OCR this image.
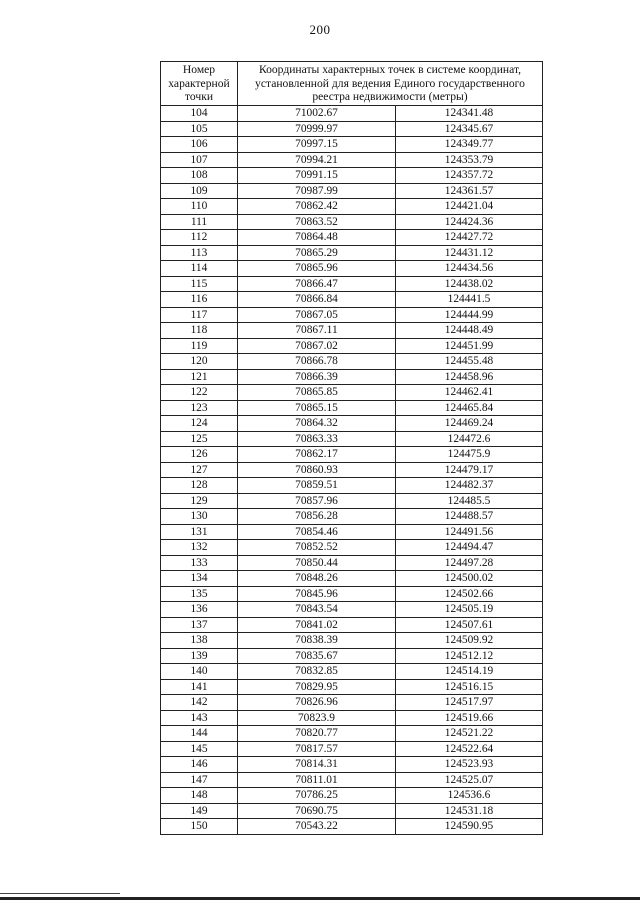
200
Номер характерной точки	Координаты характерных точек в системе координат, установленной для ведения Единого государственного реестра недвижимости (метры)	
104	71002.67	124341.48
105	70999.97	124345.67
106	70997.15	124349.77
107	70994.21	124353.79
108	70991.15	124357.72
109	70987.99	124361.57
110	70862.42	124421.04
111	70863.52	124424.36
112	70864.48	124427.72
113	70865.29	124431.12
114	70865.96	124434.56
115	70866.47	124438.02
116	70866.84	124441.5
117	70867.05	124444.99
118	70867.11	124448.49
119	70867.02	124451.99
120	70866.78	124455.48
121	70866.39	124458.96
122	70865.85	124462.41
123	70865.15	124465.84
124	70864.32	124469.24
125	70863.33	124472.6
126	70862.17	124475.9
127	70860.93	124479.17
128	70859.51	124482.37
129	70857.96	124485.5
130	70856.28	124488.57
131	70854.46	124491.56
132	70852.52	124494.47
133	70850.44	124497.28
134	70848.26	124500.02
135	70845.96	124502.66
136	70843.54	124505.19
137	70841.02	124507.61
138	70838.39	124509.92
139	70835.67	124512.12
140	70832.85	124514.19
141	70829.95	124516.15
142	70826.96	124517.97
143	70823.9	124519.66
144	70820.77	124521.22
145	70817.57	124522.64
146	70814.31	124523.93
147	70811.01	124525.07
148	70786.25	124536.6
149	70690.75	124531.18
150	70543.22	124590.95
